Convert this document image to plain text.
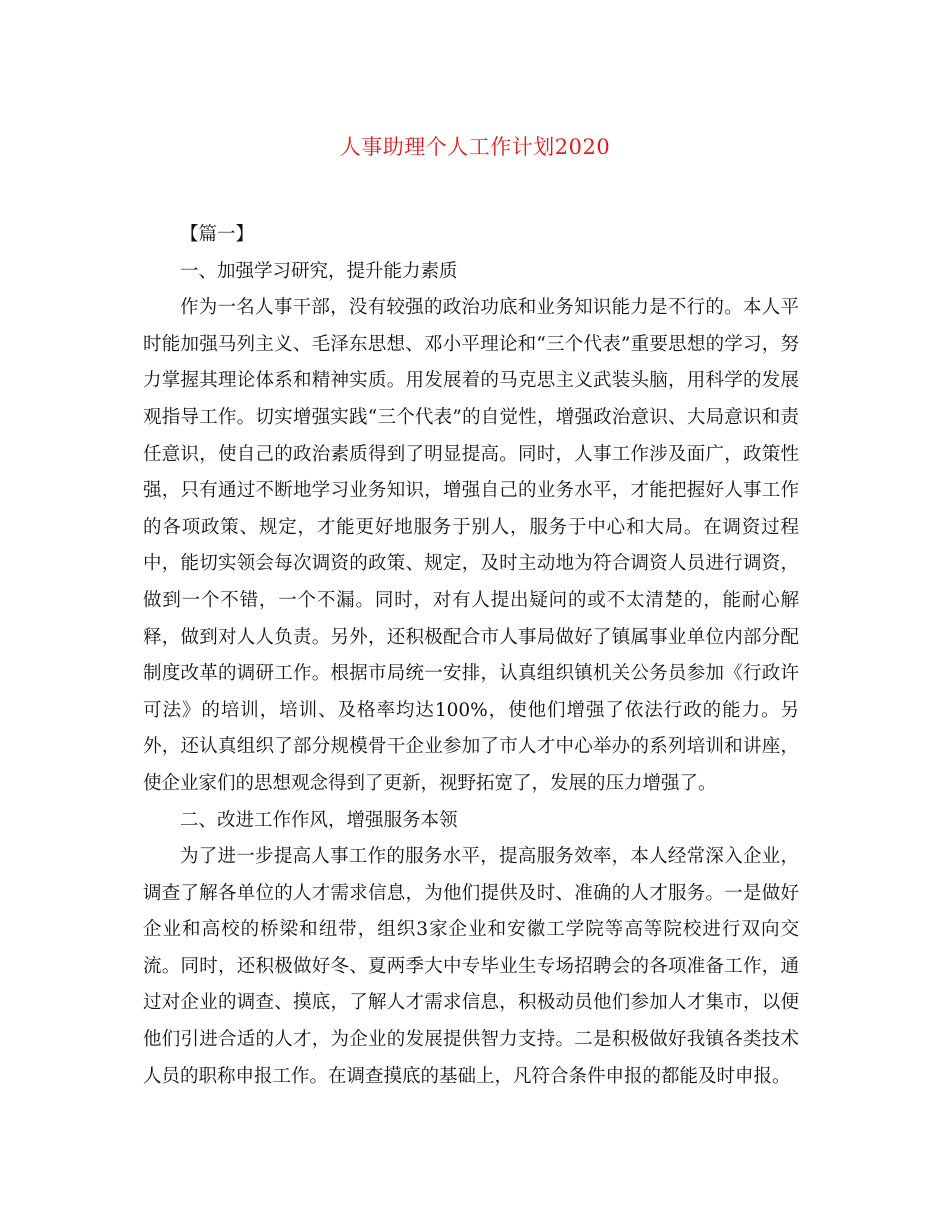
人事助理个人工作计划2020

【篇一】

一、加强学习研究，提升能力素质

作为一名人事干部，没有较强的政治功底和业务知识能力是不行的。本人平时能加强马列主义、毛泽东思想、邓小平理论和“三个代表”重要思想的学习，努力掌握其理论体系和精神实质。用发展着的马克思主义武装头脑，用科学的发展观指导工作。切实增强实践“三个代表”的自觉性，增强政治意识、大局意识和责任意识，使自己的政治素质得到了明显提高。同时，人事工作涉及面广，政策性强，只有通过不断地学习业务知识，增强自己的业务水平，才能把握好人事工作的各项政策、规定，才能更好地服务于别人，服务于中心和大局。在调资过程中，能切实领会每次调资的政策、规定，及时主动地为符合调资人员进行调资，做到一个不错，一个不漏。同时，对有人提出疑问的或不太清楚的，能耐心解释，做到对人人负责。另外，还积极配合市人事局做好了镇属事业单位内部分配制度改革的调研工作。根据市局统一安排，认真组织镇机关公务员参加《行政许可法》的培训，培训、及格率均达100%，使他们增强了依法行政的能力。另外，还认真组织了部分规模骨干企业参加了市人才中心举办的系列培训和讲座，使企业家们的思想观念得到了更新，视野拓宽了，发展的压力增强了。

二、改进工作作风，增强服务本领

为了进一步提高人事工作的服务水平，提高服务效率，本人经常深入企业，调查了解各单位的人才需求信息，为他们提供及时、准确的人才服务。一是做好企业和高校的桥梁和纽带，组织3家企业和安徽工学院等高等院校进行双向交流。同时，还积极做好冬、夏两季大中专毕业生专场招聘会的各项准备工作，通过对企业的调查、摸底，了解人才需求信息，积极动员他们参加人才集市，以便他们引进合适的人才，为企业的发展提供智力支持。二是积极做好我镇各类技术人员的职称申报工作。在调查摸底的基础上，凡符合条件申报的都能及时申报。
